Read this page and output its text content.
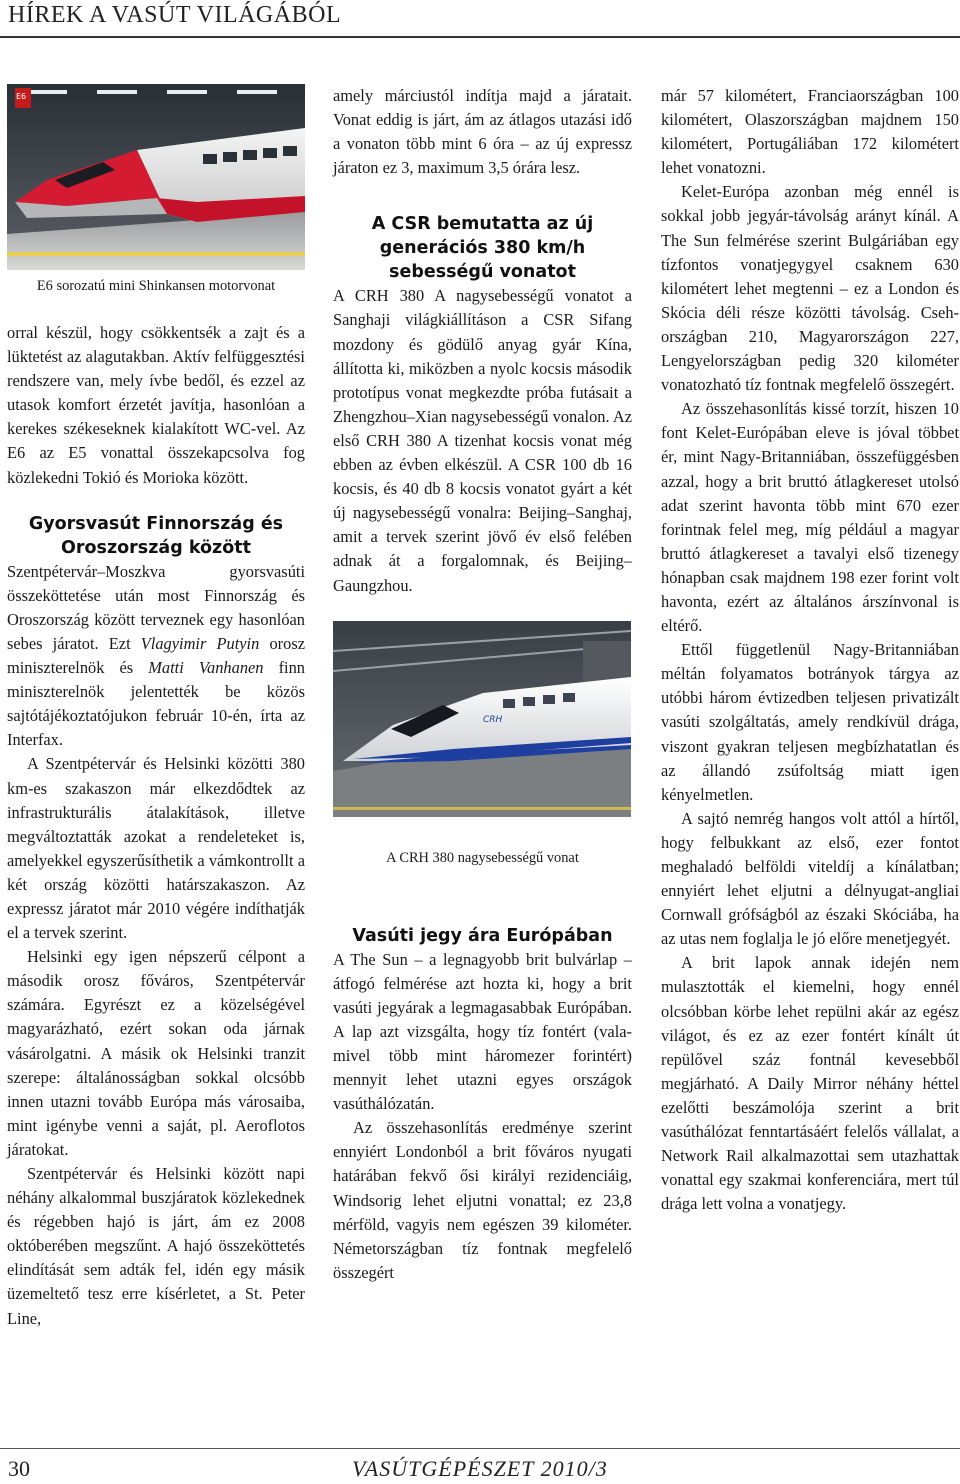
HÍREK A VASÚT VILÁGÁBÓL
E6

E6 sorozatú mini Shinkansen motorvonat

orral készül, hogy csökkentsék a zajt és a lüktetést az alagutakban. Aktív felfüggesztési rendszere van, mely ívbe bedől, és ezzel az utasok komfort érzetét javítja, hasonlóan a kerekes székeseknek kialakított WC-vel. Az E6 az E5 vonattal összekapcsolva fog közlekedni Tokió és Morioka között.

Gyorsvasút Finnország és Oroszország között

Szentpétervár–Moszkva gyorsvasúti összeköttetése után most Finnország és Oroszország között terveznek egy hasonlóan sebes járatot. Ezt Vlagyimir Putyin orosz miniszterelnök és Matti Vanhanen finn miniszterelnök jelentették be közös sajtótájékoztatójukon február 10-én, írta az Interfax.

A Szentpétervár és Helsinki közötti 380 km-es szakaszon már elkezdődtek az infrastrukturális átalakítások, illetve megváltoztatták azokat a rendeleteket is, amelyekkel egyszerűsíthetik a vámkontrollt a két ország közötti határszakaszon. Az expressz járatot már 2010 végére indíthatják el a tervek szerint.

Helsinki egy igen népszerű célpont a második orosz főváros, Szentpétervár számára. Egyrészt ez a közelségével magyarázható, ezért sokan oda járnak vásárolgatni. A másik ok Helsinki tranzit szerepe: általánosságban sokkal olcsóbb innen utazni tovább Európa más városaiba, mint igénybe venni a saját, pl. Aeroflotos járatokat.

Szentpétervár és Helsinki között napi néhány alkalommal buszjáratok közlekednek és régebben hajó is járt, ám ez 2008 októberében megszűnt. A hajó összeköttetés elindítását sem adták fel, idén egy másik üzemeltető tesz erre kísérletet, a St. Peter Line,

amely márciustól indítja majd a járatait. Vonat eddig is járt, ám az átlagos utazási idő a vonaton több mint 6 óra – az új expressz járaton ez 3, maximum 3,5 órára lesz.

A CSR bemutatta az új generációs 380 km/h sebességű vonatot

A CRH 380 A nagysebességű vonatot a Sanghaji világkiállításon a CSR Sifang mozdony és gödülő anyag gyár Kína, állította ki, miközben a nyolc kocsis második prototípus vonat megkezdte próba futásait a Zhengzhou–Xian nagysebességű vonalon. Az első CRH 380 A tizenhat kocsis vonat még ebben az évben elkészül. A CSR 100 db 16 kocsis, és 40 db 8 kocsis vonatot gyárt a két új nagysebességű vonalra: Beijing–Sanghaj, amit a tervek szerint jövő év első felében adnak át a forgalomnak, és Beijing–Gaungzhou.

CRH

A CRH 380 nagysebességű vonat

Vasúti jegy ára Európában

A The Sun – a legnagyobb brit bulvárlap – átfogó felmérése azt hozta ki, hogy a brit vasúti jegyárak a legmagasabbak Európában. A lap azt vizsgálta, hogy tíz fontért (valamivel több mint háromezer forintért) mennyit lehet utazni egyes országok vasúthálózatán.

Az összehasonlítás eredménye szerint ennyiért Londonból a brit főváros nyugati határában fekvő ősi királyi rezidenciáig, Windsorig lehet eljutni vonattal; ez 23,8 mérföld, vagyis nem egészen 39 kilométer. Németországban tíz fontnak megfelelő összegért

már 57 kilométert, Franciaországban 100 kilométert, Olaszországban majdnem 150 kilométert, Portugáliában 172 kilométert lehet vonatozni.

Kelet-Európa azonban még ennél is sokkal jobb jegyár-távolság arányt kínál. A The Sun felmérése szerint Bulgáriában egy tízfontos vonatjegygyel csaknem 630 kilométert lehet megtenni – ez a London és Skócia déli része közötti távolság. Csehországban 210, Magyarországon 227, Lengyelországban pedig 320 kilométer vonatozható tíz fontnak megfelelő összegért.

Az összehasonlítás kissé torzít, hiszen 10 font Kelet-Európában eleve is jóval többet ér, mint Nagy-Britanniában, összefüggésben azzal, hogy a brit bruttó átlagkereset utolsó adat szerint havonta több mint 670 ezer forintnak felel meg, míg például a magyar bruttó átlagkereset a tavalyi első tizenegy hónapban csak majdnem 198 ezer forint volt havonta, ezért az általános árszínvonal is eltérő.

Ettől függetlenül Nagy-Britanniában méltán folyamatos botrányok tárgya az utóbbi három évtizedben teljesen privatizált vasúti szolgáltatás, amely rendkívül drága, viszont gyakran teljesen megbízhatatlan és az állandó zsúfoltság miatt igen kényelmetlen.

A sajtó nemrég hangos volt attól a hírtől, hogy felbukkant az első, ezer fontot meghaladó belföldi viteldíj a kínálatban; ennyiért lehet eljutni a délnyugat-angliai Cornwall grófságból az északi Skóciába, ha az utas nem foglalja le jó előre menetjegyét.

A brit lapok annak idején nem mulasztották el kiemelni, hogy ennél olcsóbban körbe lehet repülni akár az egész világot, és ez az ezer fontért kínált út repülővel száz fontnál kevesebből megjárható. A Daily Mirror néhány héttel ezelőtti beszámolója szerint a brit vasúthálózat fenntartásáért felelős vállalat, a Network Rail alkalmazottai sem utazhattak vonattal egy szakmai konferenciára, mert túl drága lett volna a vonatjegy.

30	VASÚTGÉPÉSZET 2010/3
